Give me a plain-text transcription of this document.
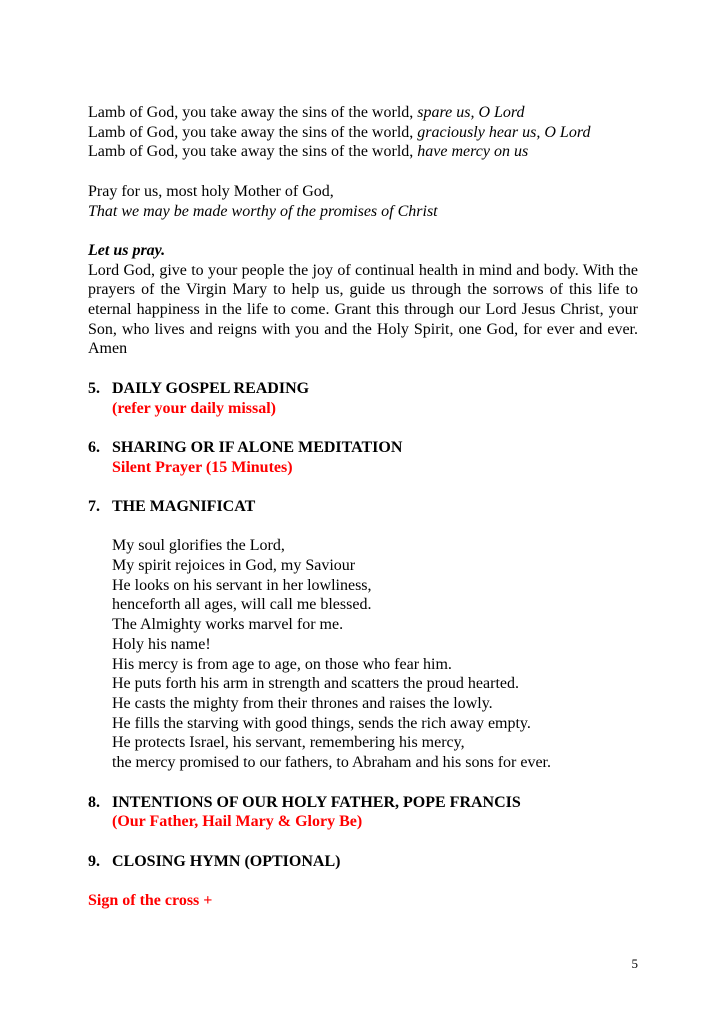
Lamb of God, you take away the sins of the world, spare us, O Lord

Lamb of God, you take away the sins of the world, graciously hear us, O Lord

Lamb of God, you take away the sins of the world, have mercy on us

Pray for us, most holy Mother of God,

That we may be made worthy of the promises of Christ

Let us pray.

Lord God, give to your people the joy of continual health in mind and body. With the prayers of the Virgin Mary to help us, guide us through the sorrows of this life to eternal happiness in the life to come. Grant this through our Lord Jesus Christ, your Son, who lives and reigns with you and the Holy Spirit, one God, for ever and ever. Amen

5. DAILY GOSPEL READING
(refer your daily missal)
6. SHARING OR IF ALONE MEDITATION
Silent Prayer (15 Minutes)
7. THE MAGNIFICAT
My soul glorifies the Lord,
My spirit rejoices in God, my Saviour
He looks on his servant in her lowliness,
henceforth all ages, will call me blessed.
The Almighty works marvel for me.
Holy his name!
His mercy is from age to age, on those who fear him.
He puts forth his arm in strength and scatters the proud hearted.
He casts the mighty from their thrones and raises the lowly.
He fills the starving with good things, sends the rich away empty.
He protects Israel, his servant, remembering his mercy,
the mercy promised to our fathers, to Abraham and his sons for ever.
8. INTENTIONS OF OUR HOLY FATHER, POPE FRANCIS
(Our Father, Hail Mary & Glory Be)
9. CLOSING HYMN (OPTIONAL)
Sign of the cross +
5
